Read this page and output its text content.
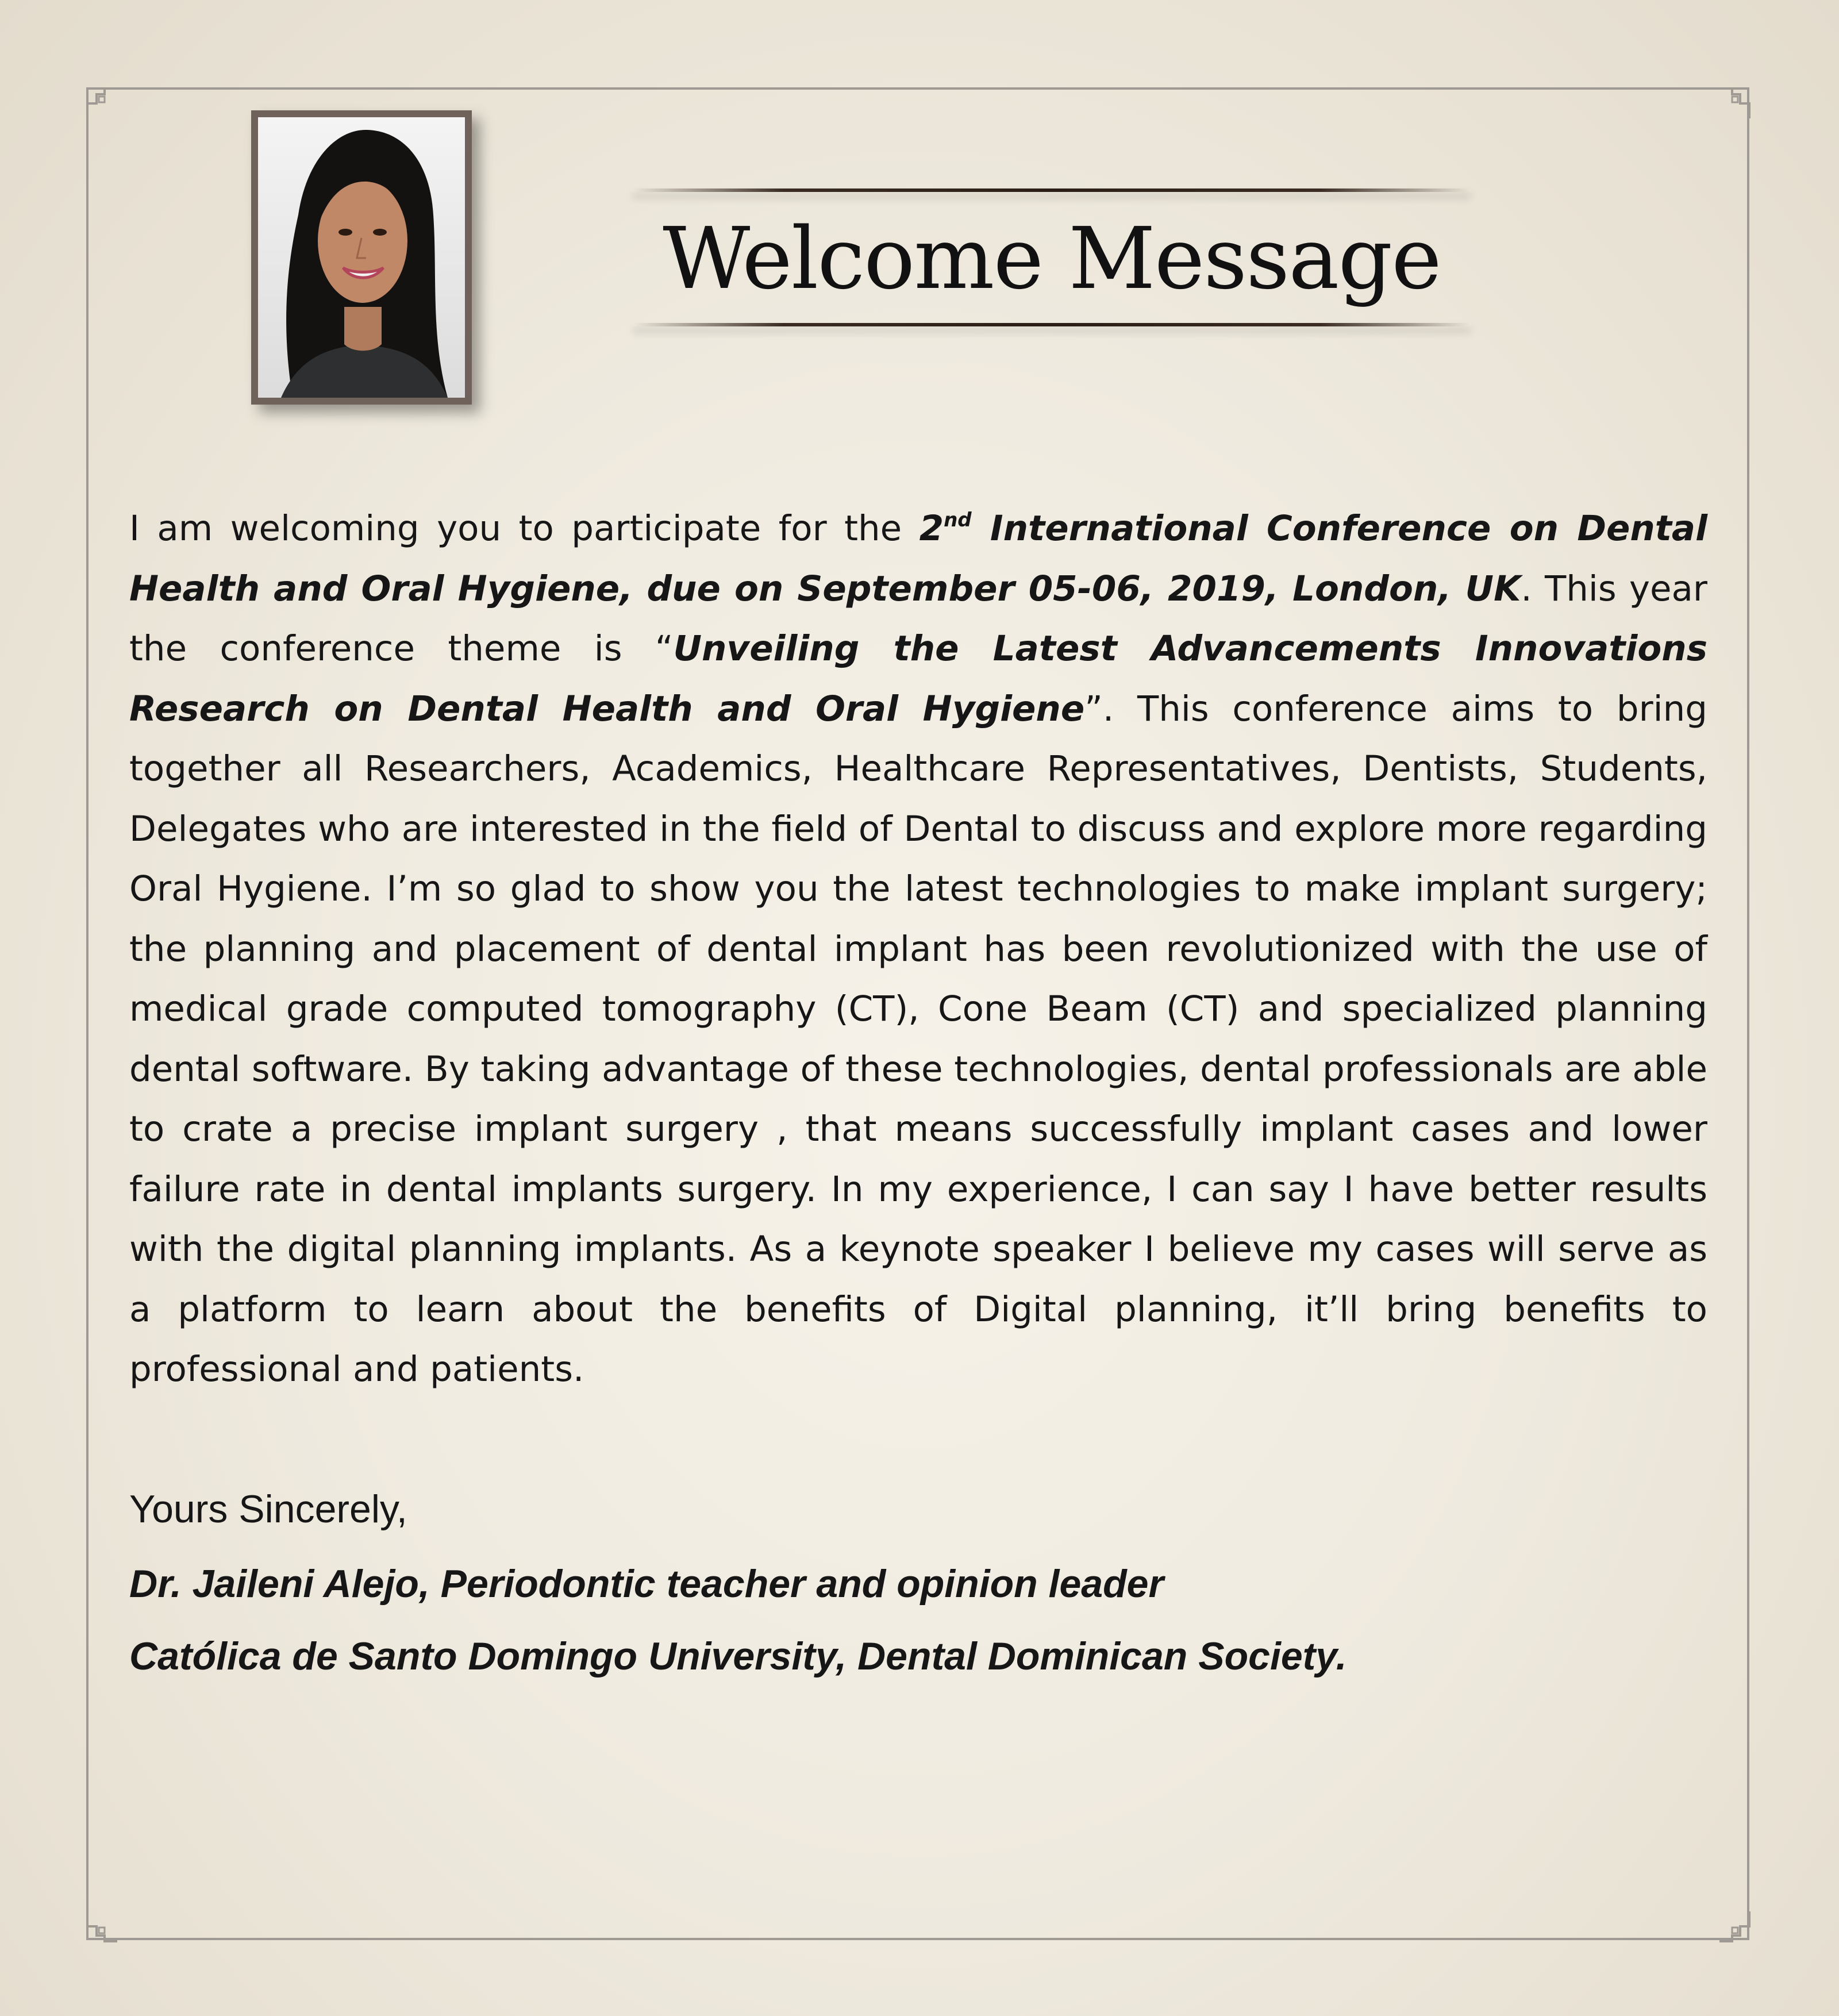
Welcome Message
I am welcoming you to participate for the 2nd International Conference on Dental Health and Oral Hygiene, due on September 05-06, 2019, London, UK. This year the conference theme is “Unveiling the Latest Advancements Innovations Research on Dental Health and Oral Hygiene”. This conference aims to bring together all Researchers, Academics, Healthcare Representatives, Dentists, Students, Delegates who are interested in the field of Dental to discuss and explore more regarding Oral Hygiene. I’m so glad to show you the latest technologies to make implant surgery; the planning and placement of dental implant has been revolutionized with the use of medical grade computed tomography (CT), Cone Beam (CT) and specialized planning dental software. By taking advantage of these technologies, dental professionals are able to crate a precise implant surgery , that means successfully implant cases and lower failure rate in dental implants surgery. In my experience, I can say I have better results with the digital planning implants. As a keynote speaker I believe my cases will serve as a platform to learn about the benefits of Digital planning, it’ll bring benefits to professional and patients.
Yours Sincerely,
Dr. Jaileni Alejo, Periodontic teacher and opinion leader
Católica de Santo Domingo University, Dental Dominican Society.
